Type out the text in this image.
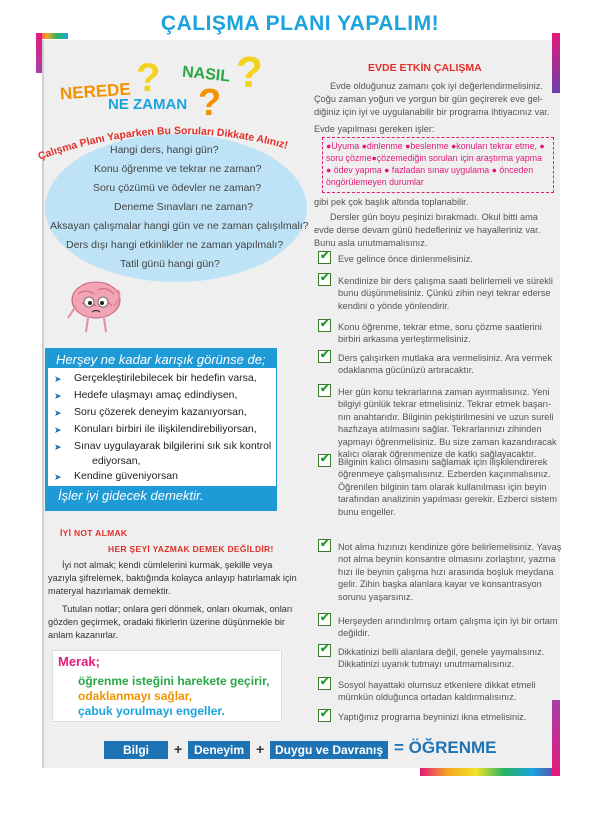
ÇALIŞMA PLANI YAPALIM!
NEREDE ? NASIL ?
NE ZAMAN ?
Çalışma Planı Yaparken Bu Soruları Dikkate Alınız!
Hangi ders, hangi gün?
Konu öğrenme ve tekrar ne zaman?
Soru çözümü ve ödevler ne zaman?
Deneme Sınavları ne zaman?
Aksayan çalışmalar hangi gün ve ne zaman çalışılmalı?
Ders dışı hangi etkinlikler ne zaman yapılmalı?
Tatil günü hangi gün?
Herşey ne kadar karışık görünse de;
➤ Gerçekleştirilebilecek bir hedefin varsa,
➤ Hedefe ulaşmayı amaç edindiysen,
➤ Soru çözerek deneyim kazanıyorsan,
➤ Konuları birbiri ile ilişkilendirebiliyorsan,
➤ Sınav uygulayarak bilgilerini sık sık kontrol
ediyorsan,
➤ Kendine güveniyorsan
İşler iyi gidecek demektir.
İYİ NOT ALMAK
HER ŞEYİ YAZMAK DEMEK DEĞİLDİR!
İyi not almak; kendi cümlelerini kurmak, şekille veya
yazıyla şifrelemek, baktığında kolayca anlayıp hatırlamak için
materyal hazırlamak demektir.
Tutulan notlar; onlara geri dönmek, onları okumak, onları
gözden geçirmek, oradaki fikirlerin üzerine düşünmekle bir
anlam kazanırlar.
Merak;
öğrenme isteğini harekete geçirir,
odaklanmayı sağlar,
çabuk yorulmayı engeller.
EVDE ETKİN ÇALIŞMA
Evde olduğunuz zamanı çok iyi değerlendirmelisiniz.
Çoğu zaman yoğun ve yorgun bir gün geçirerek eve gel-
diğiniz için iyi ve uygulanabilir bir programa ihtiyacınız var.
Evde yapılması gereken işler:
●Uyuma ●dinlenme ●beslenme ●konuları tekrar etme, ●
soru çözme●çözemediğin soruları için araştırma yapma
● ödev yapma ● fazladan sınav uygulama ● önceden
öngörülemeyen durumlar
gibi pek çok başlık altında toplanabilir.
Dersler gün boyu peşinizi bırakmadı. Okul bitti ama
evde derse devam günü hedefleriniz ve hayalleriniz var.
Bunu asla unutmamalısınız.
✔ Eve gelince önce dinlenmelisiniz.
✔ Kendinize bir ders çalışma saati belirlemeli ve sürekli
bunu düşünmelisiniz. Çünkü zihin neyi tekrar ederse
kendini o yönde yönlendirir.
✔ Konu öğrenme, tekrar etme, soru çözme saatlerini
birbiri arkasına yerleştirmelisiniz.
✔ Ders çalışırken mutlaka ara vermelisiniz. Ara vermek
odaklanma gücünüzü artıracaktır.
✔ Her gün konu tekrarlarına zaman ayırmalısınız. Yeni
bilgiyi günlük tekrar etmelisiniz. Tekrar etmek başarı-
nın anahtarıdır. Bilginin pekiştirilmesini ve uzun sureli
hazfızaya atılmasını sağlar. Tekrarlarınızı zihinden
yapmayı öğrenmelisiniz. Bu size zaman kazandıracak
kalıcı olarak öğrenmenize de katkı sağlayacaktır.
✔ Bilginin kalıcı olmasını sağlamak için ilişkilendirerek
öğrenmeye çalışmalısınız. Ezberden kaçınmalısınız.
Öğrenilen bilginin tam olarak kullanılması için beyin
tarafından analizinin yapılması gerekir. Ezberci sistem
bunu engeller.
✔ Not alma hızınızı kendinize göre belirlemelisiniz. Yavaş
not alma beynin konsantre olmasını zorlaştırır, yazma
hızı ile beynin çalışma hızı arasında boşluk meydana
gelir. Zihin başka alanlara kayar ve konsantrasyon
sorunu yaşarsınız.
✔ Herşeyden arındırılmış ortam çalışma için iyi bir ortam
değildir.
✔ Dikkatinizi belli alanlara değil, genele yaymalısınız.
Dikkatinizi uyanık tutmayı unutmamalısınız.
✔ Sosyol hayattaki olumsuz etkenlere dikkat etmeli
mümkün olduğunca ortadan kaldırmalısınız.
✔ Yaptığınız programa beyninizi ikna etmelisiniz.
Bilgi	+ Deneyim + Duygu ve Davranış = ÖĞRENME
